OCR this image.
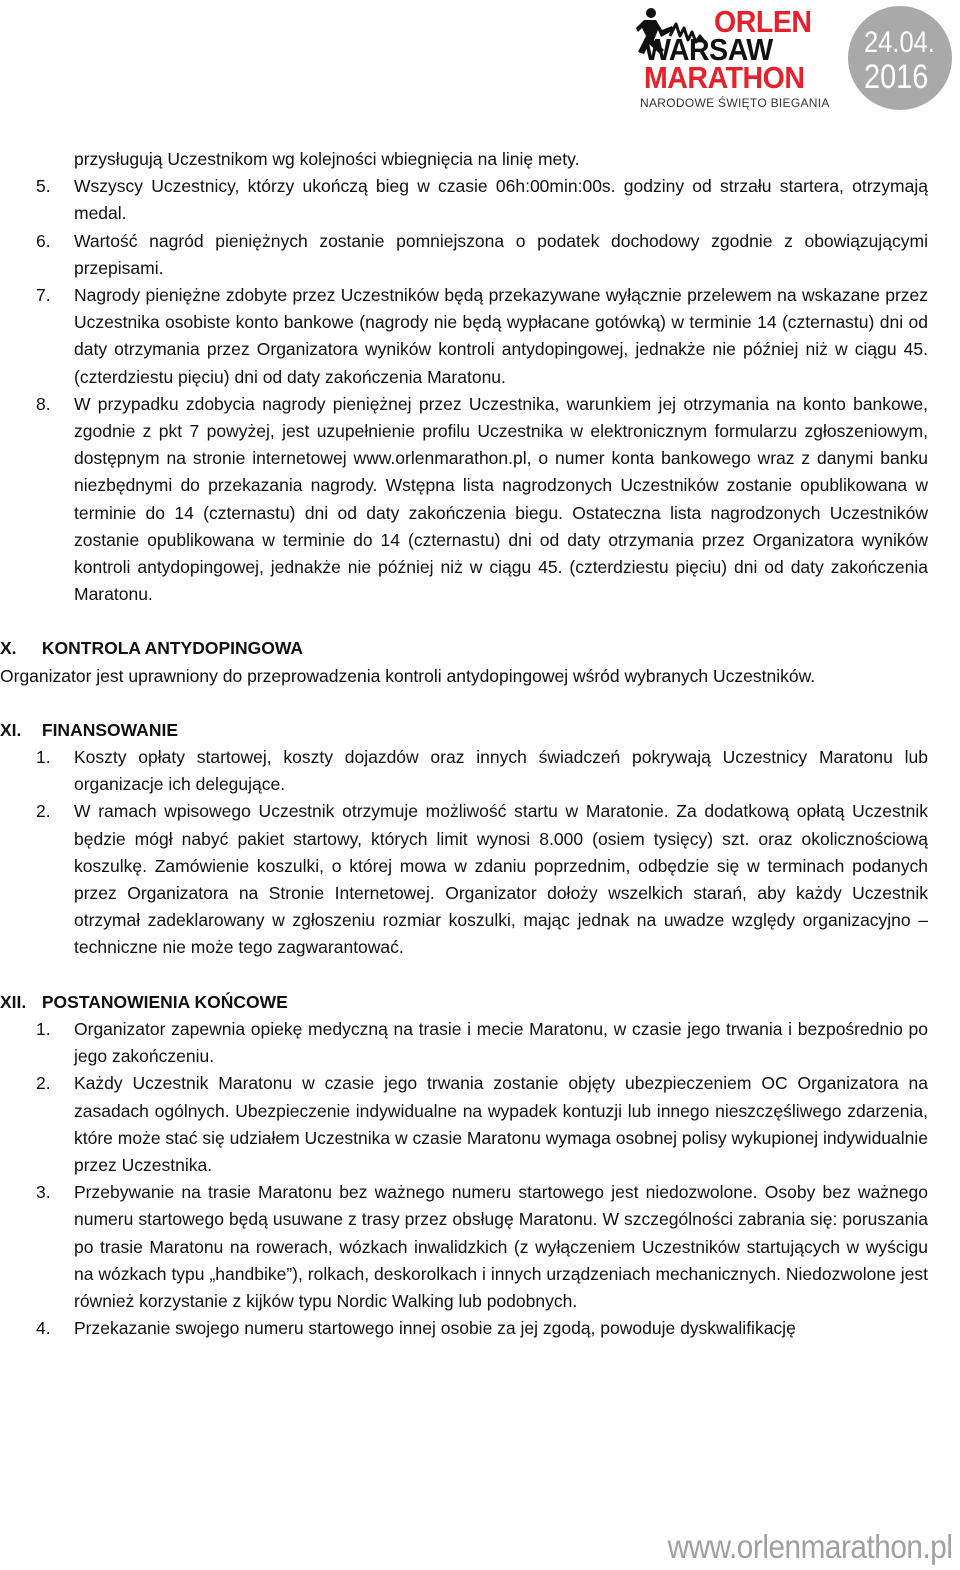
ORLEN
WARSAW
MARATHON
NARODOWE ŚWIĘTO BIEGANIA
24.04.
2016
przysługują Uczestnikom wg kolejności wbiegnięcia na linię mety.
5. Wszyscy Uczestnicy, którzy ukończą bieg w czasie 06h:00min:00s. godziny od strzału startera, otrzymają medal.
6. Wartość nagród pieniężnych zostanie pomniejszona o podatek dochodowy zgodnie z obowiązującymi przepisami.
7. Nagrody pieniężne zdobyte przez Uczestników będą przekazywane wyłącznie przelewem na wskazane przez Uczestnika osobiste konto bankowe (nagrody nie będą wypłacane gotówką) w terminie 14 (czternastu) dni od daty otrzymania przez Organizatora wyników kontroli antydopingowej, jednakże nie później niż w ciągu 45. (czterdziestu pięciu) dni od daty zakończenia Maratonu.
8. W przypadku zdobycia nagrody pieniężnej przez Uczestnika, warunkiem jej otrzymania na konto bankowe, zgodnie z pkt 7 powyżej, jest uzupełnienie profilu Uczestnika w elektronicznym formularzu zgłoszeniowym, dostępnym na stronie internetowej www.orlenmarathon.pl, o numer konta bankowego wraz z danymi banku niezbędnymi do przekazania nagrody. Wstępna lista nagrodzonych Uczestników zostanie opublikowana w terminie do 14 (czternastu) dni od daty zakończenia biegu. Ostateczna lista nagrodzonych Uczestników zostanie opublikowana w terminie do 14 (czternastu) dni od daty otrzymania przez Organizatora wyników kontroli antydopingowej, jednakże nie później niż w ciągu 45. (czterdziestu pięciu) dni od daty zakończenia Maratonu.
X. KONTROLA ANTYDOPINGOWA
Organizator jest uprawniony do przeprowadzenia kontroli antydopingowej wśród wybranych Uczestników.
XI. FINANSOWANIE
1. Koszty opłaty startowej, koszty dojazdów oraz innych świadczeń pokrywają Uczestnicy Maratonu lub organizacje ich delegujące.
2. W ramach wpisowego Uczestnik otrzymuje możliwość startu w Maratonie. Za dodatkową opłatą Uczestnik będzie mógł nabyć pakiet startowy, których limit wynosi 8.000 (osiem tysięcy) szt. oraz okolicznościową koszulkę. Zamówienie koszulki, o której mowa w zdaniu poprzednim, odbędzie się w terminach podanych przez Organizatora na Stronie Internetowej. Organizator dołoży wszelkich starań, aby każdy Uczestnik otrzymał zadeklarowany w zgłoszeniu rozmiar koszulki, mając jednak na uwadze względy organizacyjno – techniczne nie może tego zagwarantować.
XII. POSTANOWIENIA KOŃCOWE
1. Organizator zapewnia opiekę medyczną na trasie i mecie Maratonu, w czasie jego trwania i bezpośrednio po jego zakończeniu.
2. Każdy Uczestnik Maratonu w czasie jego trwania zostanie objęty ubezpieczeniem OC Organizatora na zasadach ogólnych. Ubezpieczenie indywidualne na wypadek kontuzji lub innego nieszczęśliwego zdarzenia, które może stać się udziałem Uczestnika w czasie Maratonu wymaga osobnej polisy wykupionej indywidualnie przez Uczestnika.
3. Przebywanie na trasie Maratonu bez ważnego numeru startowego jest niedozwolone. Osoby bez ważnego numeru startowego będą usuwane z trasy przez obsługę Maratonu. W szczególności zabrania się: poruszania po trasie Maratonu na rowerach, wózkach inwalidzkich (z wyłączeniem Uczestników startujących w wyścigu na wózkach typu „handbike”), rolkach, deskorolkach i innych urządzeniach mechanicznych. Niedozwolone jest również korzystanie z kijków typu Nordic Walking lub podobnych.
4. Przekazanie swojego numeru startowego innej osobie za jej zgodą, powoduje dyskwalifikację
www.orlenmarathon.pl
